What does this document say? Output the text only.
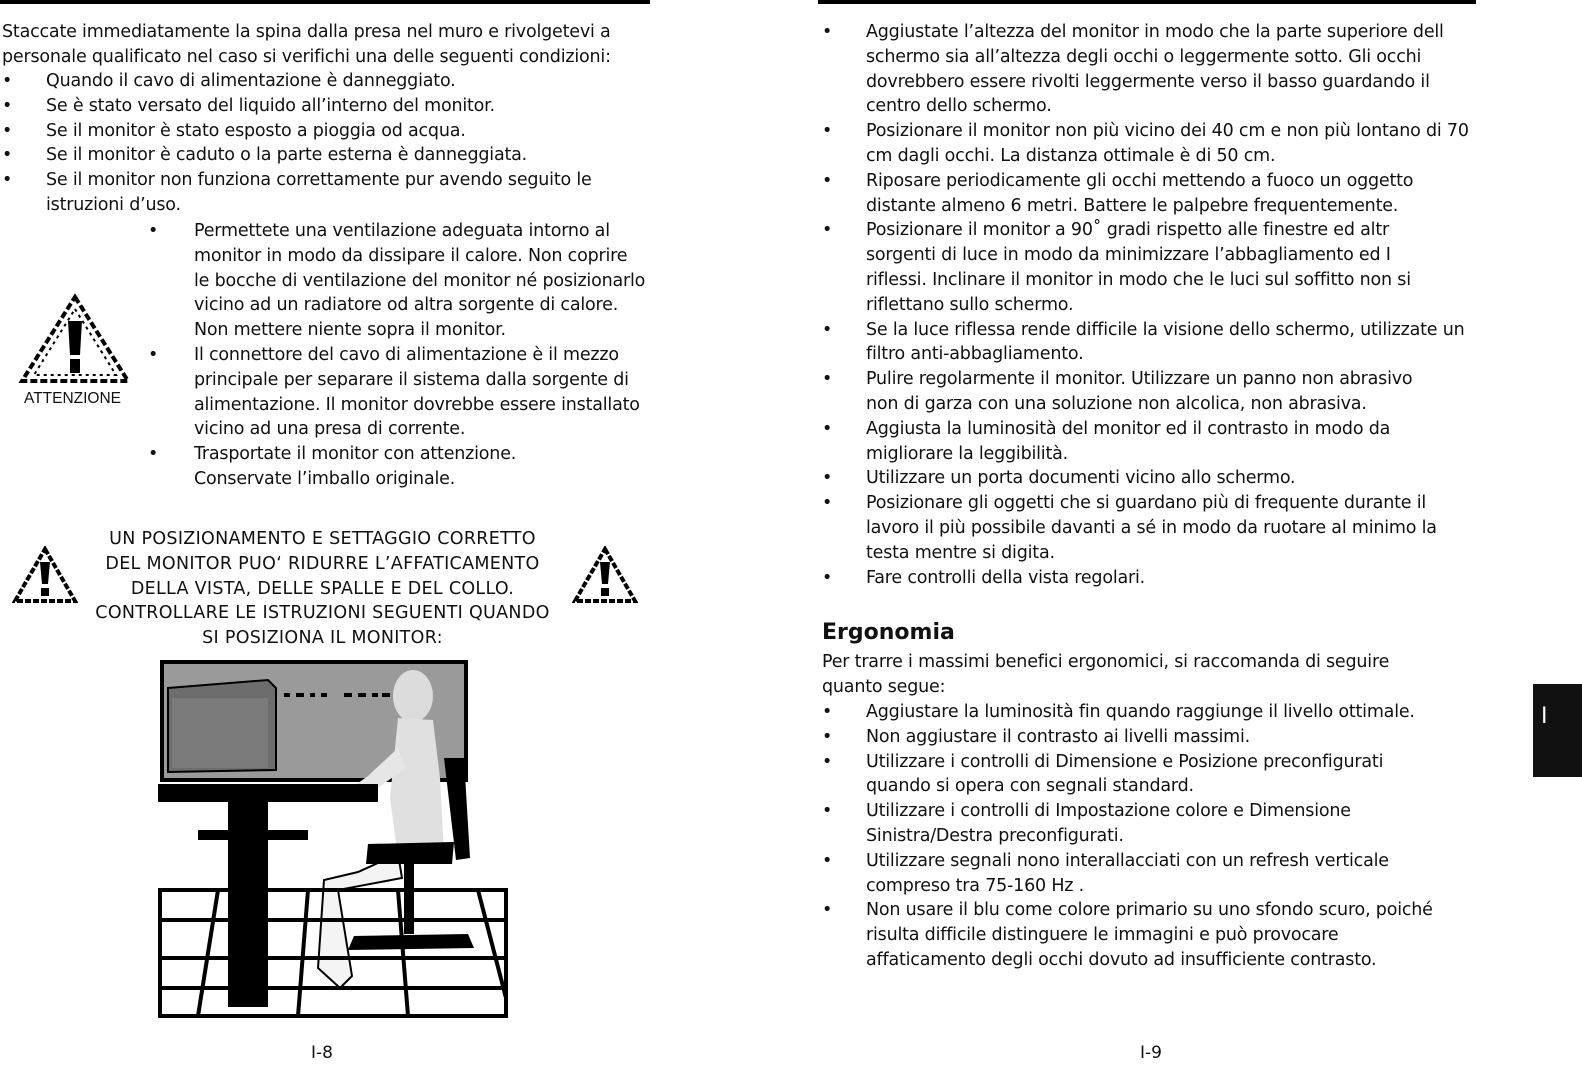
Staccate immediatamente la spina dalla presa nel muro e rivolgetevi a personale qualificato nel caso si verifichi una delle seguenti condizioni:
• Quando il cavo di alimentazione è danneggiato.
• Se è stato versato del liquido all’interno del monitor.
• Se il monitor è stato esposto a pioggia od acqua.
• Se il monitor è caduto o la parte esterna è danneggiata.
• Se il monitor non funziona correttamente pur avendo seguito le istruzioni d’uso.
ATTENZIONE
• Permettete una ventilazione adeguata intorno al monitor in modo da dissipare il calore. Non coprire le bocche di ventilazione del monitor né posizionarlo vicino ad un radiatore od altra sorgente di calore. Non mettere niente sopra il monitor.
• Il connettore del cavo di alimentazione è il mezzo principale per separare il sistema dalla sorgente di alimentazione. Il monitor dovrebbe essere installato vicino ad una presa di corrente.
• Trasportate il monitor con attenzione. Conservate l’imballo originale.
UN POSIZIONAMENTO E SETTAGGIO CORRETTO
DEL MONITOR PUO‘ RIDURRE L’AFFATICAMENTO
DELLA VISTA, DELLE SPALLE E DEL COLLO.
CONTROLLARE LE ISTRUZIONI SEGUENTI QUANDO
SI POSIZIONA IL MONITOR:
I-8
• Aggiustate l’altezza del monitor in modo che la parte superiore dell schermo sia all’altezza degli occhi o leggermente sotto. Gli occhi dovrebbero essere rivolti leggermente verso il basso guardando il centro dello schermo.
• Posizionare il monitor non più vicino dei 40 cm e non più lontano di 70 cm dagli occhi. La distanza ottimale è di 50 cm.
• Riposare periodicamente gli occhi mettendo a fuoco un oggetto distante almeno 6 metri. Battere le palpebre frequentemente.
• Posizionare il monitor a 90˚ gradi rispetto alle finestre ed altr sorgenti di luce in modo da minimizzare l’abbagliamento ed I riflessi. Inclinare il monitor in modo che le luci sul soffitto non si riflettano sullo schermo.
• Se la luce riflessa rende difficile la visione dello schermo, utilizzate un filtro anti-abbagliamento.
• Pulire regolarmente il monitor. Utilizzare un panno non abrasivo non di garza con una soluzione non alcolica, non abrasiva.
• Aggiusta la luminosità del monitor ed il contrasto in modo da migliorare la leggibilità.
• Utilizzare un porta documenti vicino allo schermo.
• Posizionare gli oggetti che si guardano più di frequente durante il lavoro il più possibile davanti a sé in modo da ruotare al minimo la testa mentre si digita.
• Fare controlli della vista regolari.
Ergonomia
Per trarre i massimi benefici ergonomici, si raccomanda di seguire quanto segue:
• Aggiustare la luminosità fin quando raggiunge il livello ottimale.
• Non aggiustare il contrasto ai livelli massimi.
• Utilizzare i controlli di Dimensione e Posizione preconfigurati quando si opera con segnali standard.
• Utilizzare i controlli di Impostazione colore e Dimensione Sinistra/Destra preconfigurati.
• Utilizzare segnali nono interallacciati con un refresh verticale compreso tra 75-160 Hz .
• Non usare il blu come colore primario su uno sfondo scuro, poiché risulta difficile distinguere le immagini e può provocare affaticamento degli occhi dovuto ad insufficiente contrasto.
I
I-9
